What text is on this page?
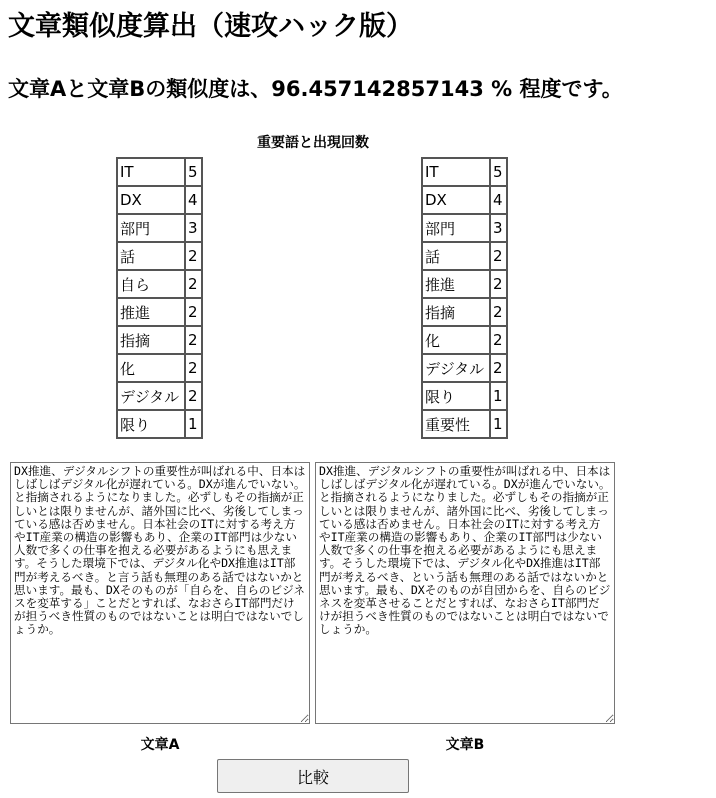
文章類似度算出（速攻ハック版）
文章Aと文章Bの類似度は、96.457142857143 % 程度です。
重要語と出現回数
IT	5
DX	4
部門	3
話	2
自ら	2
推進	2
指摘	2
化	2
デジタル	2
限り	1
IT	5
DX	4
部門	3
話	2
推進	2
指摘	2
化	2
デジタル	2
限り	1
重要性	1
DX推進、デジタルシフトの重要性が叫ばれる中、日本はしばしばデジタル化が遅れている。DXが進んでいない。と指摘されるようになりました。必ずしもその指摘が正しいとは限りませんが、諸外国に比べ、劣後してしまっている感は否めません。日本社会のITに対する考え方やIT産業の構造の影響もあり、企業のIT部門は少ない人数で多くの仕事を抱える必要があるようにも思えます。そうした環境下では、デジタル化やDX推進はIT部門が考えるべき。と言う話も無理のある話ではないかと思います。最も、DXそのものが「自らを、自らのビジネスを変革する」ことだとすれば、なおさらIT部門だけが担うべき性質のものではないことは明白ではないでしょうか。
DX推進、デジタルシフトの重要性が叫ばれる中、日本はしばしばデジタル化が遅れている。DXが進んでいない。と指摘されるようになりました。必ずしもその指摘が正しいとは限りませんが、諸外国に比べ、劣後してしまっている感は否めません。日本社会のITに対する考え方やIT産業の構造の影響もあり、企業のIT部門は少ない人数で多くの仕事を抱える必要があるようにも思えます。そうした環境下では、デジタル化やDX推進はIT部門が考えるべき、という話も無理のある話ではないかと思います。最も、DXそのものが自団からを、自らのビジネスを変革させることだとすれば、なおさらIT部門だけが担うべき性質のものではないことは明白ではないでしょうか。
文章A	文章B
比較
